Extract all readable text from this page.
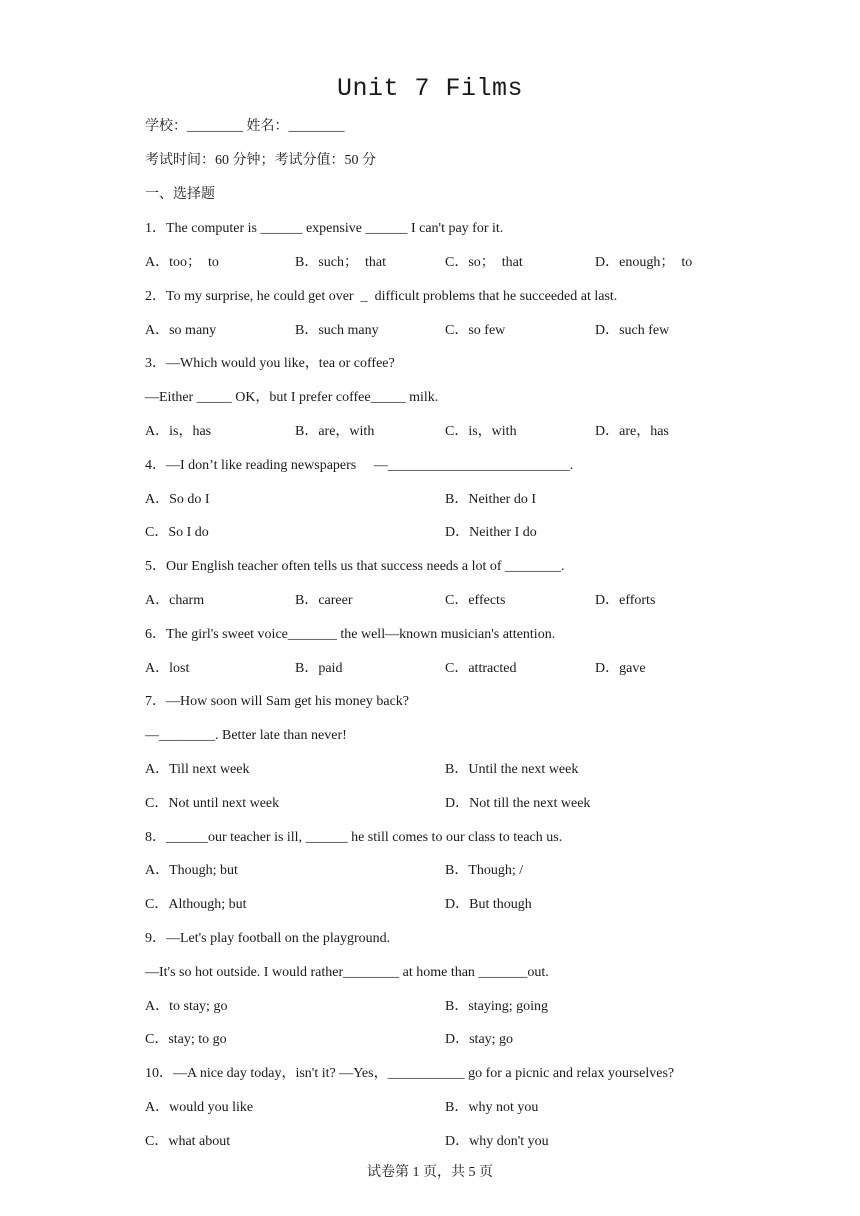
Unit 7 Films
学校：________ 姓名：________
考试时间：60 分钟；考试分值：50 分
一、选择题
1．The computer is ______ expensive ______ I can't pay for it.
A．too；  to	B．such；  that	C．so；  that	D．enough；  to
2．To my surprise, he could get over  _  difficult problems that he succeeded at last.
A．so many	B．such many	C．so few	D．such few
3．—Which would you like，tea or coffee?
—Either _____ OK，but I prefer coffee_____ milk.
A．is，has	B．are，with	C．is，with	D．are，has
4．—I don’t like reading newspapers     —__________________________.
A．So do I	B．Neither do I
C．So I do	D．Neither I do
5．Our English teacher often tells us that success needs a lot of ________.
A．charm	B．career	C．effects	D．efforts
6．The girl's sweet voice_______ the well—known musician's attention.
A．lost	B．paid	C．attracted	D．gave
7．—How soon will Sam get his money back?
—________. Better late than never!
A．Till next week	B．Until the next week
C．Not until next week	D．Not till the next week
8．______our teacher is ill, ______ he still comes to our class to teach us.
A．Though; but	B．Though; /
C．Although; but	D．But though
9．—Let's play football on the playground.
—It's so hot outside. I would rather________ at home than _______out.
A．to stay; go	B．staying; going
C．stay; to go	D．stay; go
10．—A nice day today，isn't it? —Yes，___________ go for a picnic and relax yourselves?
A．would you like	B．why not you
C．what about	D．why don't you
试卷第 1 页，共 5 页
